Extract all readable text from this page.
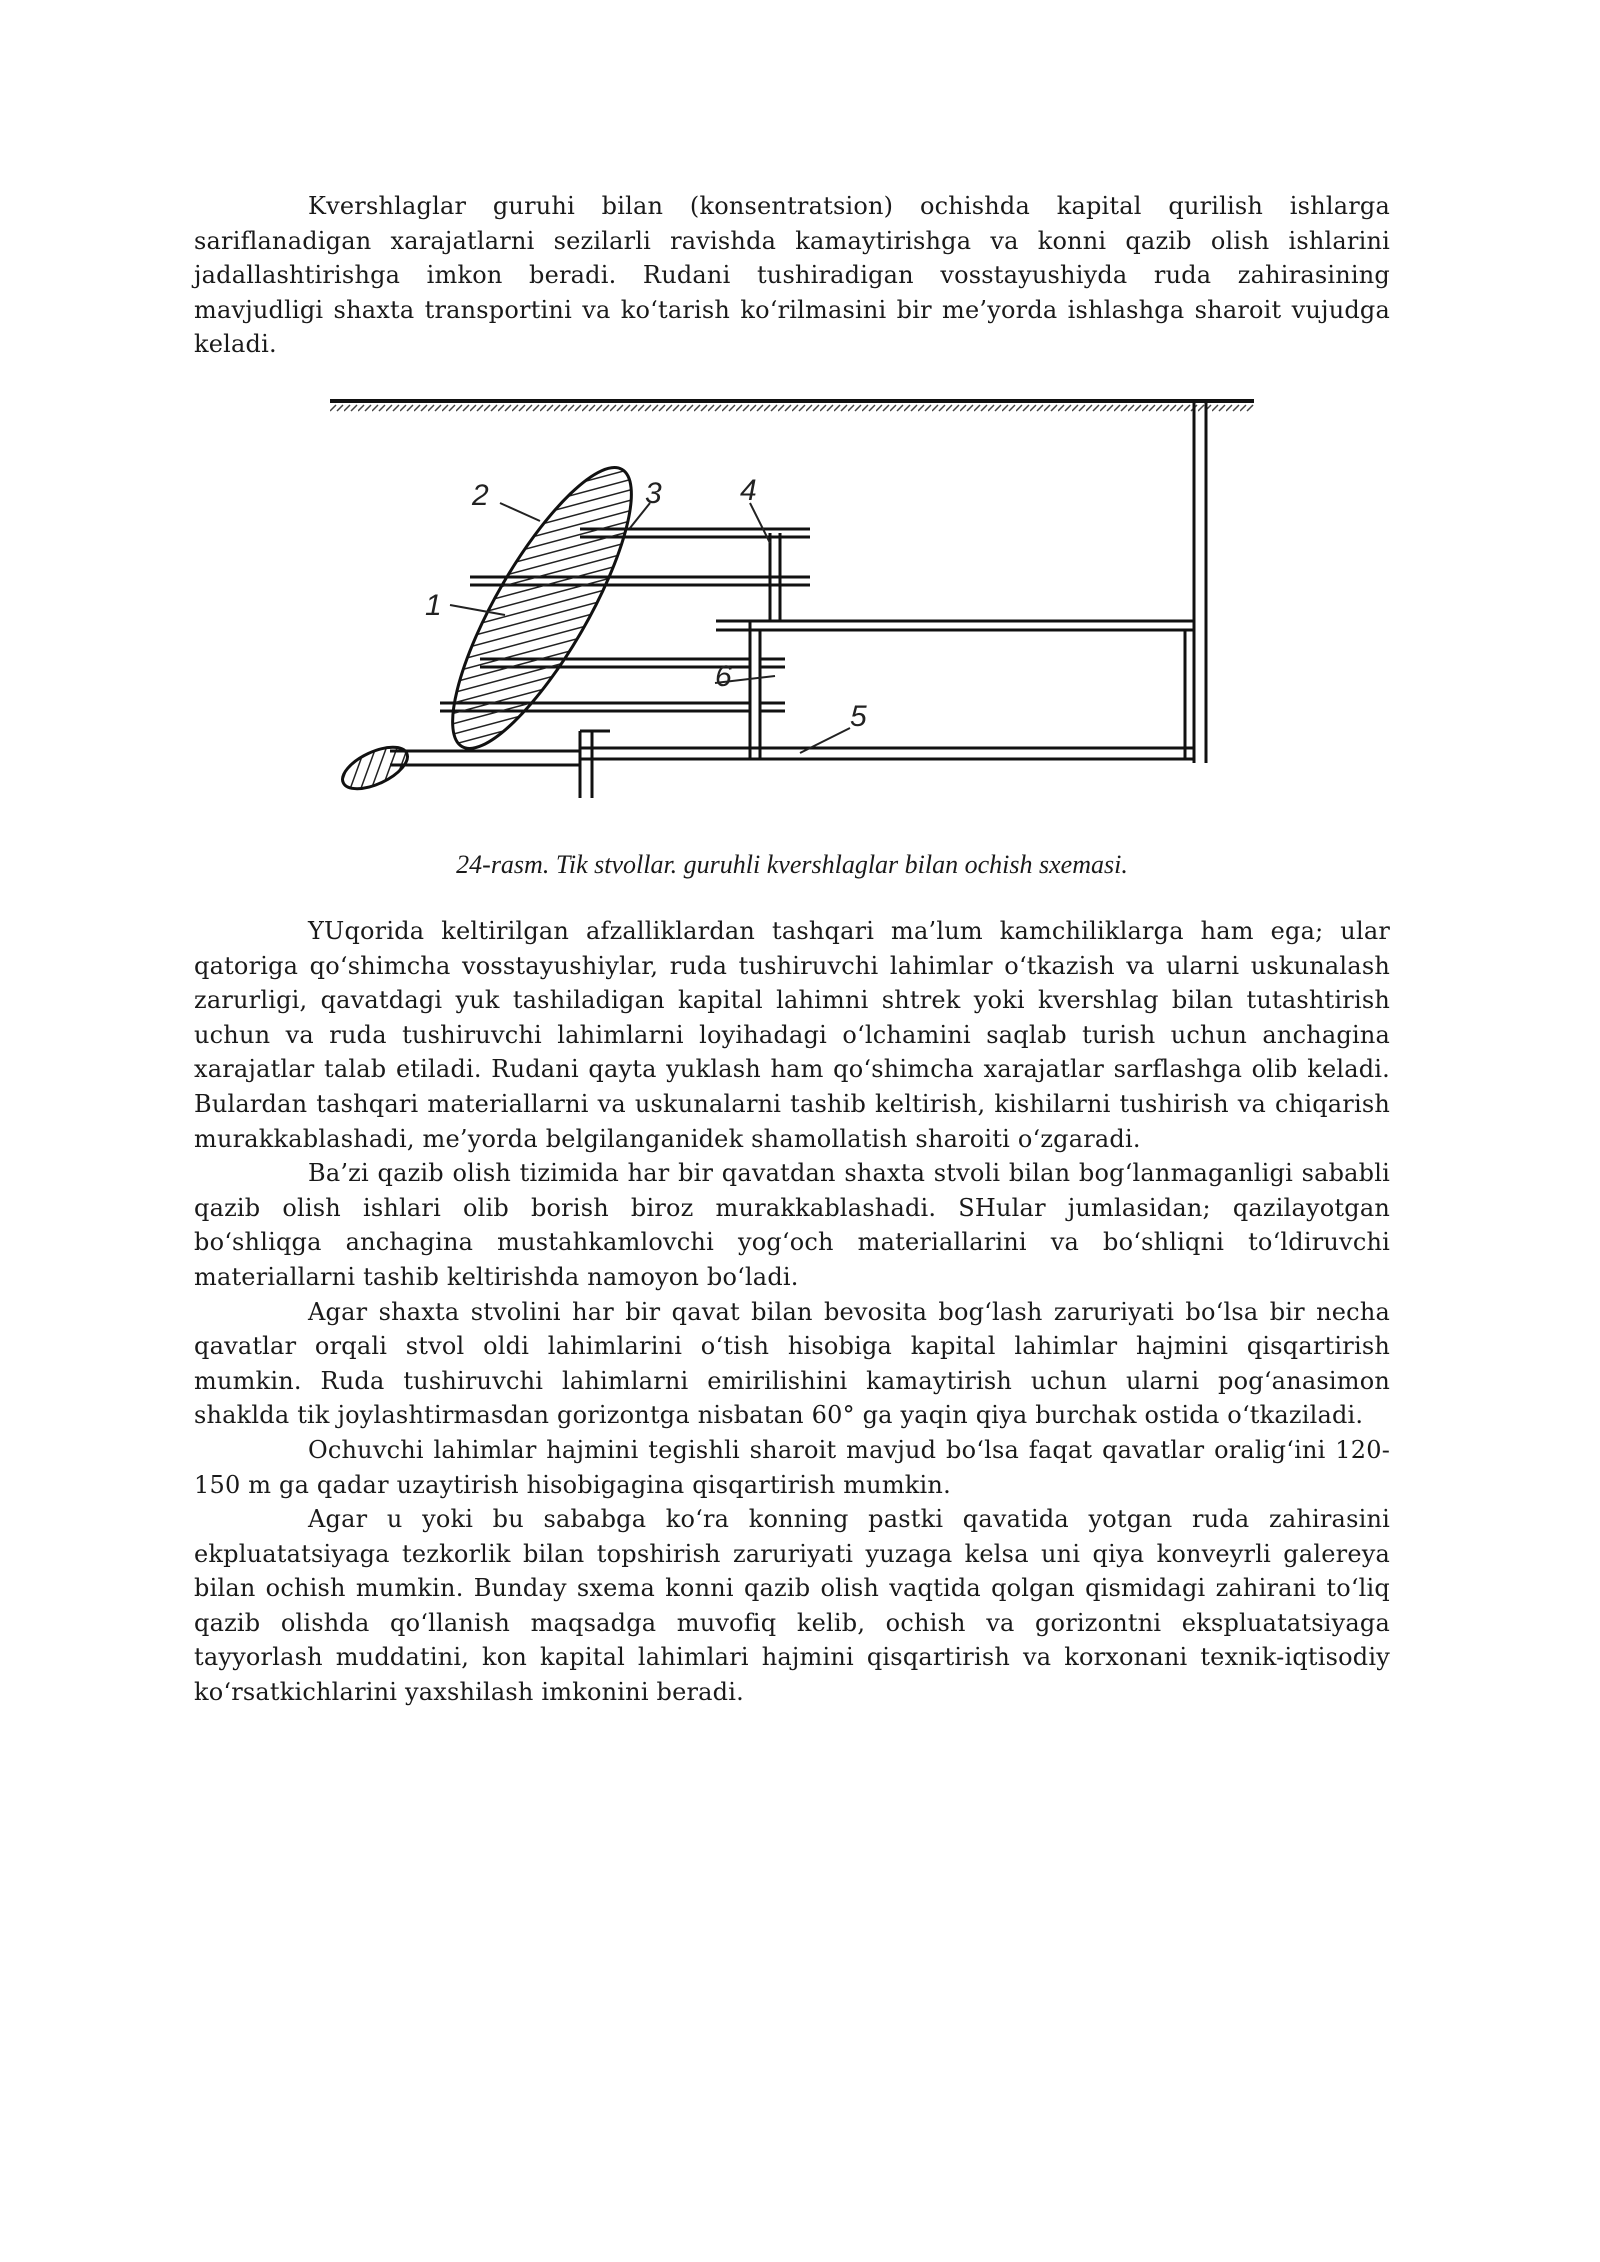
Kvershlaglar guruhi bilan (konsentratsion) ochishda kapital qurilish ishlarga sariflanadigan xarajatlarni sezilarli ravishda kamaytirishga va konni qazib olish ishlarini jadallashtirishga imkon beradi. Rudani tushiradigan vosstayushiyda ruda zahirasining mavjudligi shaxta transportini va ko‘tarish ko‘rilmasini bir me’yorda ishlashga sharoit vujudga keladi.

1
2	3	4
5
6
24-rasm. Tik stvollar. guruhli kvershlaglar bilan ochish sxemasi.

YUqorida keltirilgan afzalliklardan tashqari ma’lum kamchiliklarga ham ega; ular qatoriga qo‘shimcha vosstayushiylar, ruda tushiruvchi lahimlar o‘tkazish va ularni uskunalash zarurligi, qavatdagi yuk tashiladigan kapital lahimni shtrek yoki kvershlag bilan tutashtirish uchun va ruda tushiruvchi lahimlarni loyihadagi o‘lchamini saqlab turish uchun anchagina xarajatlar talab etiladi. Rudani qayta yuklash ham qo‘shimcha xarajatlar sarflashga olib keladi. Bulardan tashqari materiallarni va uskunalarni tashib keltirish, kishilarni tushirish va chiqarish murakkablashadi, me’yorda belgilanganidek shamollatish sharoiti o‘zgaradi.

Ba’zi qazib olish tizimida har bir qavatdan shaxta stvoli bilan bog‘lanmaganligi sababli qazib olish ishlari olib borish biroz murakkablashadi. SHular jumlasidan; qazilayotgan bo‘shliqga anchagina mustahkamlovchi yog‘och materiallarini va bo‘shliqni to‘ldiruvchi materiallarni tashib keltirishda namoyon bo‘ladi.

Agar shaxta stvolini har bir qavat bilan bevosita bog‘lash zaruriyati bo‘lsa bir necha qavatlar orqali stvol oldi lahimlarini o‘tish hisobiga kapital lahimlar hajmini qisqartirish mumkin. Ruda tushiruvchi lahimlarni emirilishini kamaytirish uchun ularni pog‘anasimon shaklda tik joylashtirmasdan gorizontga nisbatan 60° ga yaqin qiya burchak ostida o‘tkaziladi.

Ochuvchi lahimlar hajmini tegishli sharoit mavjud bo‘lsa faqat qavatlar oralig‘ini 120-150 m ga qadar uzaytirish hisobigagina qisqartirish mumkin.

Agar u yoki bu sababga ko‘ra konning pastki qavatida yotgan ruda zahirasini ekpluatatsiyaga tezkorlik bilan topshirish zaruriyati yuzaga kelsa uni qiya konveyrli galereya bilan ochish mumkin. Bunday sxema konni qazib olish vaqtida qolgan qismidagi zahirani to‘liq qazib olishda qo‘llanish maqsadga muvofiq kelib, ochish va gorizontni ekspluatatsiyaga tayyorlash muddatini, kon kapital lahimlari hajmini qisqartirish va korxonani texnik-iqtisodiy ko‘rsatkichlarini yaxshilash imkonini beradi.
